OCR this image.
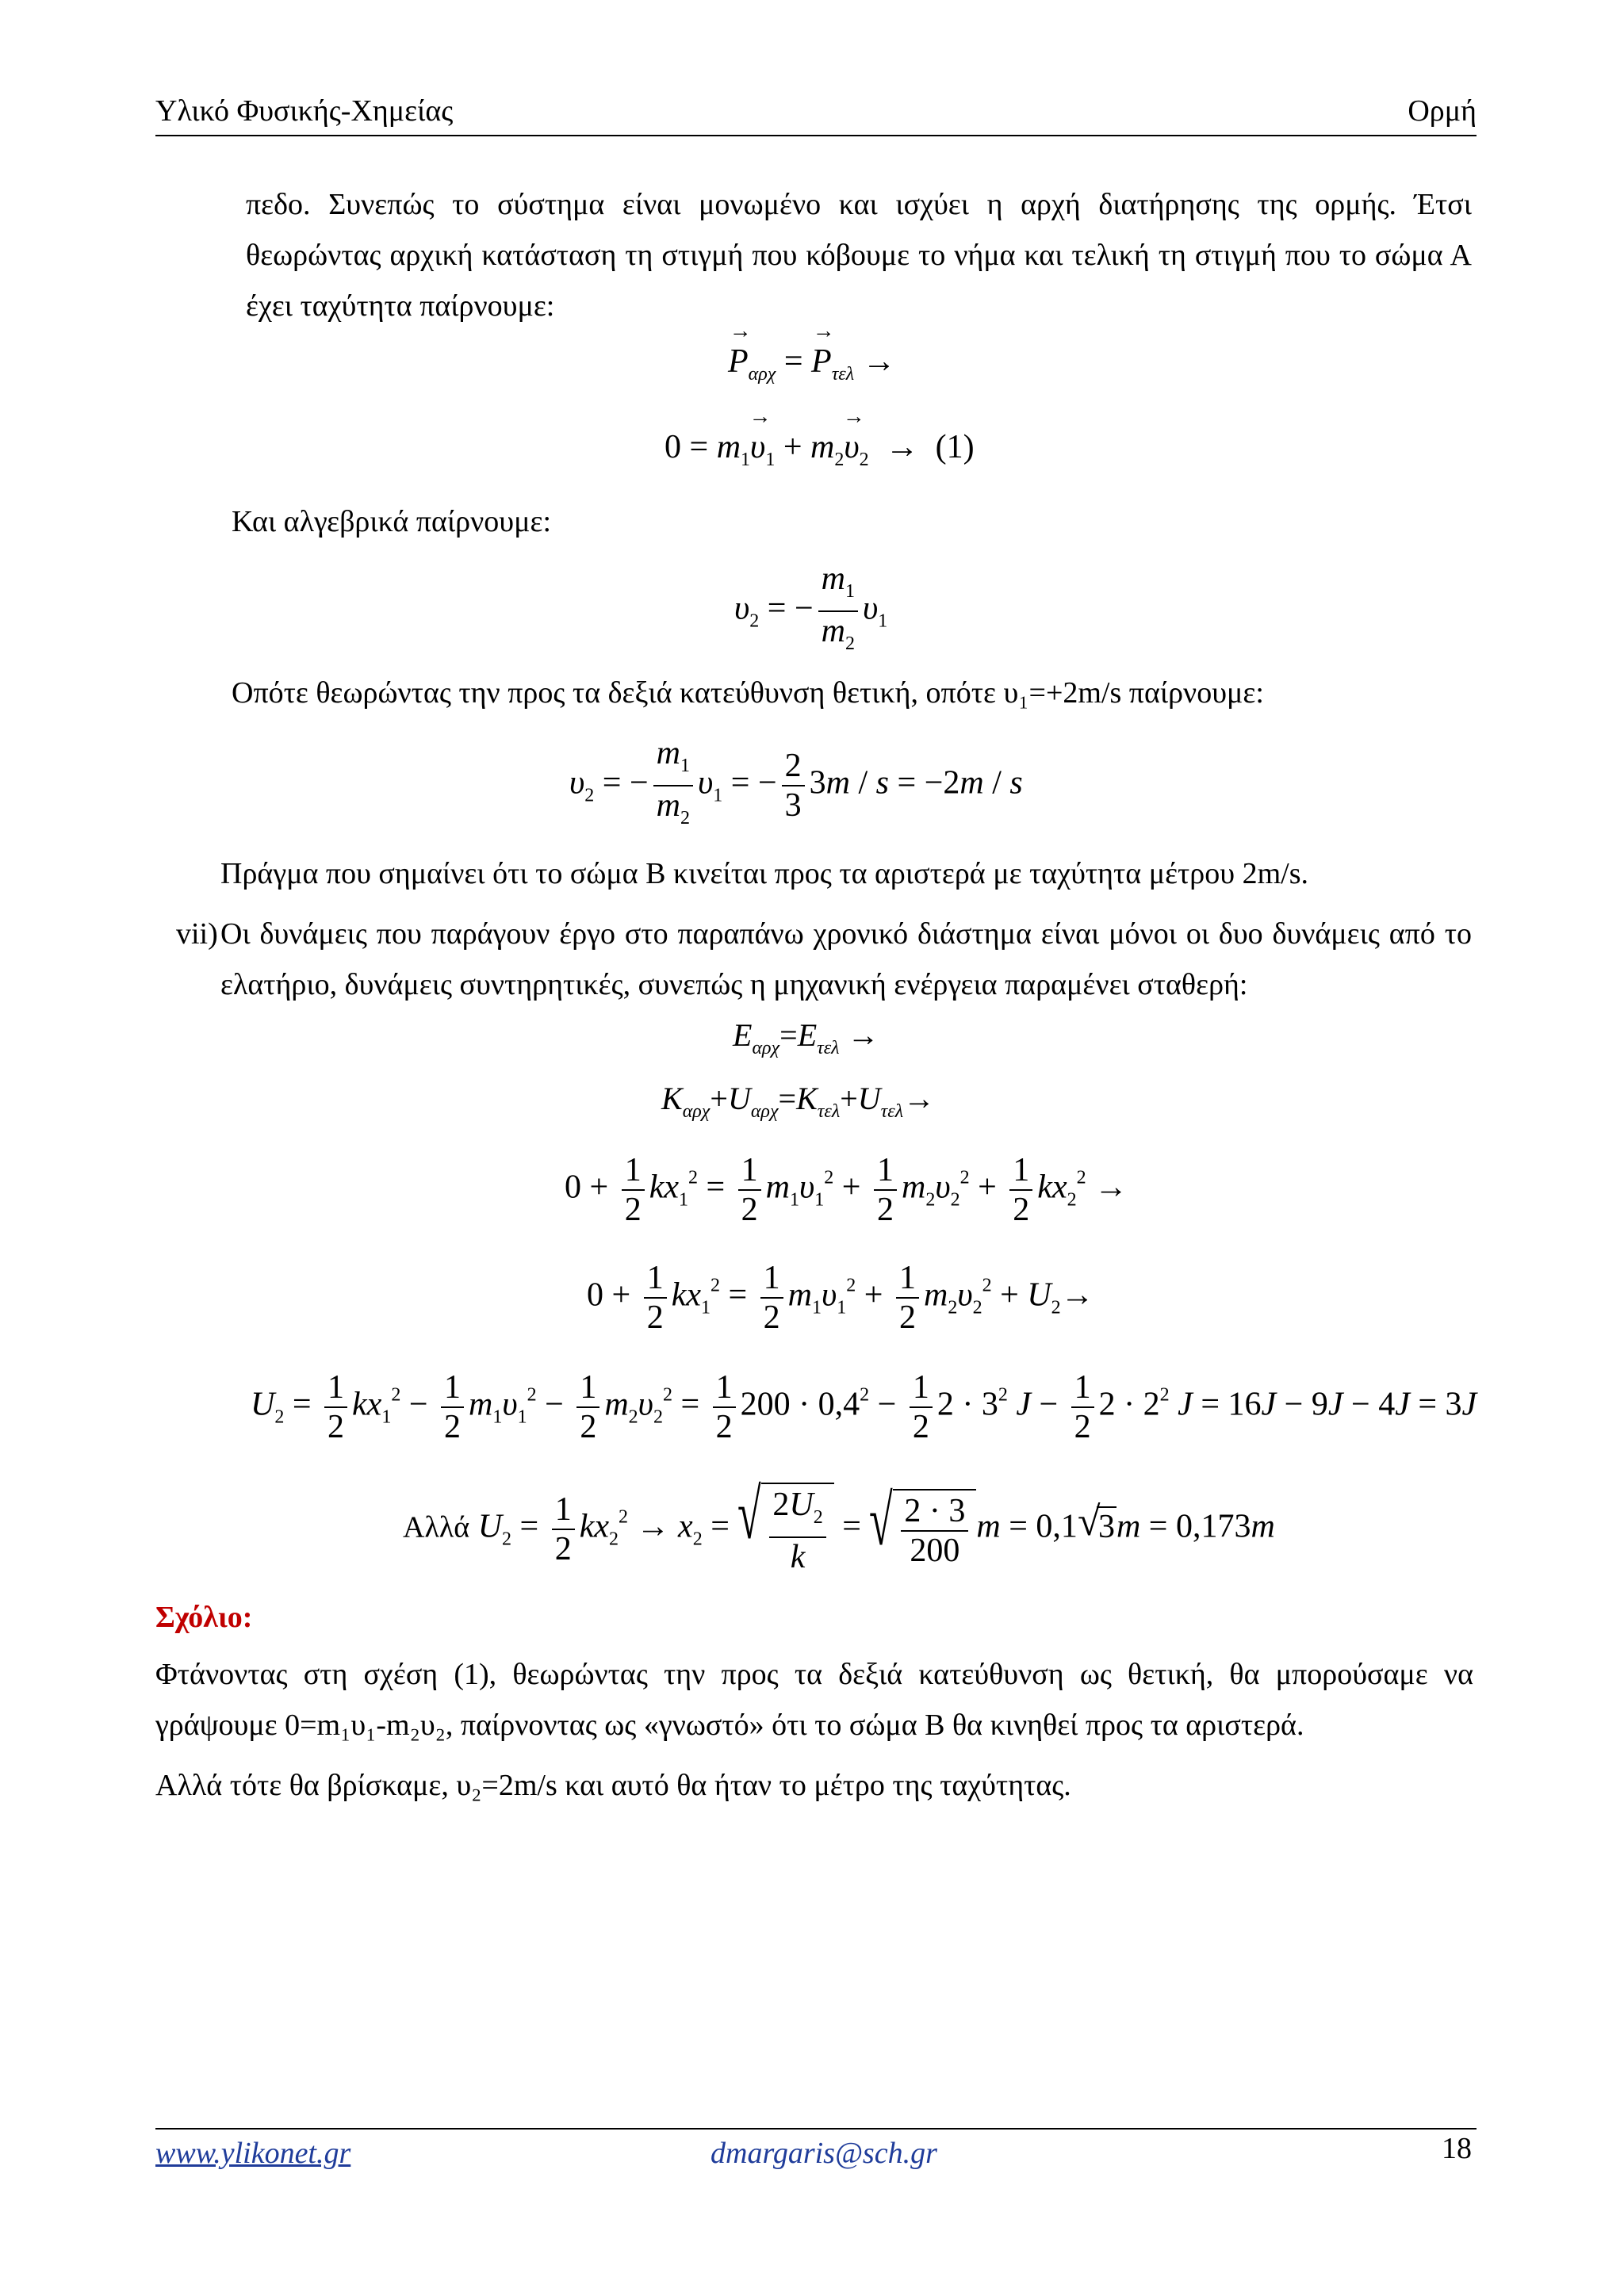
Υλικό Φυσικής-Χημείας	Ορμή
πεδο. Συνεπώς το σύστημα είναι μονωμένο και ισχύει η αρχή διατήρησης της ορμής. Έτσι θεωρώντας αρχική κατάσταση τη στιγμή που κόβουμε το νήμα και τελική τη στιγμή που το σώμα Α έχει ταχύτητα παίρνουμε:
$P \to_{\alpha\rho\chi} = P \to_{\tau\varepsilon\lambda}$ →
$0 = m_1\upsilon \to_1 + m_2\upsilon \to_2 \to (1)$
Και αλγεβρικά παίρνουμε:
$\upsilon_2$ = − $\frac{m_1}{m_2} \upsilon_1$
Οπότε θεωρώντας την προς τα δεξιά κατεύθυνση θετική, οπότε υ₁=+2m/s παίρνουμε:
$\upsilon_2$ = − $\frac{m_1}{m_2} \upsilon_1$ = − $\frac{2}{3} 3m / s = -2m / s$
Πράγμα που σημαίνει ότι το σώμα Β κινείται προς τα αριστερά με ταχύτητα μέτρου 2m/s.
vii) Οι δυνάμεις που παράγουν έργο στο παραπάνω χρονικό διάστημα είναι μόνοι οι δυο δυνάμεις από το ελατήριο, δυνάμεις συντηρητικές, συνεπώς η μηχανική ενέργεια παραμένει σταθερή:
$E_{\alpha\rho\chi}=E_{\tau\varepsilon\lambda}$ →
$K_{\alpha\rho\chi}+U_{\alpha\rho\chi}=K_{\tau\varepsilon\lambda}+U_{\tau\varepsilon\lambda}\to$
$0 + \frac{1}{2} kx_1^2 = \frac{1}{2} m_1\upsilon_1^2 + \frac{1}{2} m_2\upsilon_2^2 + \frac{1}{2} kx_2^2$ →
$0 + \frac{1}{2} kx_1^2 = \frac{1}{2} m_1\upsilon_1^2 + \frac{1}{2} m_2\upsilon_2^2 + U_2\to$
$U_2 = \frac{1}{2} kx_1^2 - \frac{1}{2} m_1\upsilon_1^2 - \frac{1}{2} m_2\upsilon_2^2 = \frac{1}{2} 200 \cdot 0,4^2 - \frac{1}{2} 2 \cdot 3^2$ $J - \frac{1}{2} 2 \cdot 2^2$ J = 16J − 9J − 4J = 3J
Αλλά $U_2 = \frac{1}{2} kx_2^2 \to x_2$ = √ $\frac{2U_2}{k}$ = √ $\frac{2 \cdot 3}{200}$ m = 0,1 √ 3m = 0,173m
Σχόλιο:
Φτάνοντας στη σχέση (1), θεωρώντας την προς τα δεξιά κατεύθυνση ως θετική, θα μπορούσαμε να γράψουμε 0=m₁υ₁-m₂υ₂, παίρνοντας ως «γνωστό» ότι το σώμα Β θα κινηθεί προς τα αριστερά.
Αλλά τότε θα βρίσκαμε, υ₂=2m/s και αυτό θα ήταν το μέτρο της ταχύτητας.
www.ylikonet.gr	dmargaris@sch.gr	18
